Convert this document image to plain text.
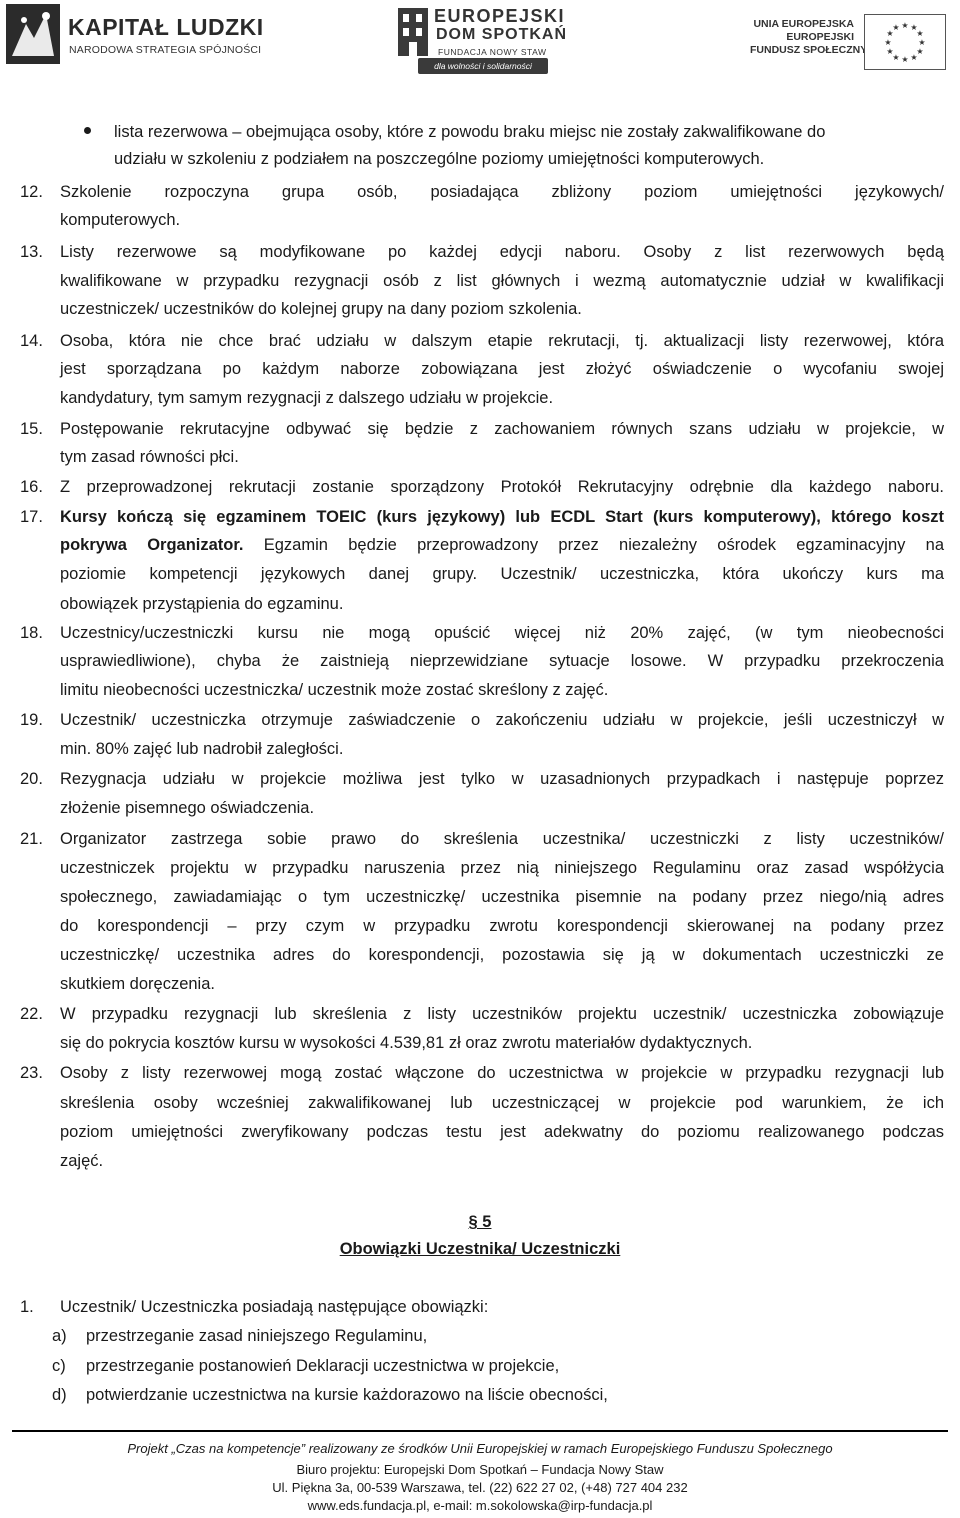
KAPITAŁ LUDZKI
NARODOWA STRATEGIA SPÓJNOŚCI
EUROPEJSKI
DOM SPOTKAŃ
FUNDACJA NOWY STAW
dla wolności i solidarności
UNIA EUROPEJSKA
EUROPEJSKI
FUNDUSZ SPOŁECZNY
★ ★
★
★
★
★
★
★
★
★
★
★
lista rezerwowa – obejmująca osoby, które z powodu braku miejsc nie zostały zakwalifikowane do
udziału w szkoleniu z podziałem na poszczególne poziomy umiejętności komputerowych.
12. Szkolenie rozpoczyna grupa osób, posiadająca zbliżony poziom umiejętności językowych/
komputerowych.
13. Listy rezerwowe są modyfikowane po każdej edycji naboru. Osoby z list rezerwowych będą
kwalifikowane w przypadku rezygnacji osób z list głównych i wezmą automatycznie udział w kwalifikacji
uczestniczek/ uczestników do kolejnej grupy na dany poziom szkolenia.
14. Osoba, która nie chce brać udziału w dalszym etapie rekrutacji, tj. aktualizacji listy rezerwowej, która
jest sporządzana po każdym naborze zobowiązana jest złożyć oświadczenie o wycofaniu swojej
kandydatury, tym samym rezygnacji z dalszego udziału w projekcie.
15. Postępowanie rekrutacyjne odbywać się będzie z zachowaniem równych szans udziału w projekcie, w
tym zasad równości płci.
16. Z przeprowadzonej rekrutacji zostanie sporządzony Protokół Rekrutacyjny odrębnie dla każdego naboru.
17. Kursy kończą się egzaminem TOEIC (kurs językowy) lub ECDL Start (kurs komputerowy), którego koszt
pokrywa Organizator. Egzamin będzie przeprowadzony przez niezależny ośrodek egzaminacyjny na
poziomie kompetencji językowych danej grupy. Uczestnik/ uczestniczka, która ukończy kurs ma
obowiązek przystąpienia do egzaminu.
18. Uczestnicy/uczestniczki kursu nie mogą opuścić więcej niż 20% zajęć, (w tym nieobecności
usprawiedliwione), chyba że zaistnieją nieprzewidziane sytuacje losowe. W przypadku przekroczenia
limitu nieobecności uczestniczka/ uczestnik może zostać skreślony z zajęć.
19. Uczestnik/ uczestniczka otrzymuje zaświadczenie o zakończeniu udziału w projekcie, jeśli uczestniczył w
min. 80% zajęć lub nadrobił zaległości.
20. Rezygnacja udziału w projekcie możliwa jest tylko w uzasadnionych przypadkach i następuje poprzez
złożenie pisemnego oświadczenia.
21. Organizator zastrzega sobie prawo do skreślenia uczestnika/ uczestniczki z listy uczestników/
uczestniczek projektu w przypadku naruszenia przez nią niniejszego Regulaminu oraz zasad współżycia
społecznego, zawiadamiając o tym uczestniczkę/ uczestnika pisemnie na podany przez niego/nią adres
do korespondencji – przy czym w przypadku zwrotu korespondencji skierowanej na podany przez
uczestniczkę/ uczestnika adres do korespondencji, pozostawia się ją w dokumentach uczestniczki ze
skutkiem doręczenia.
22. W przypadku rezygnacji lub skreślenia z listy uczestników projektu uczestnik/ uczestniczka zobowiązuje
się do pokrycia kosztów kursu w wysokości 4.539,81 zł oraz zwrotu materiałów dydaktycznych.
23. Osoby z listy rezerwowej mogą zostać włączone do uczestnictwa w projekcie w przypadku rezygnacji lub
skreślenia osoby wcześniej zakwalifikowanej lub uczestniczącej w projekcie pod warunkiem, że ich
poziom umiejętności zweryfikowany podczas testu jest adekwatny do poziomu realizowanego podczas
zajęć.
§ 5
Obowiązki Uczestnika/ Uczestniczki
1. Uczestnik/ Uczestniczka posiadają następujące obowiązki:
a) przestrzeganie zasad niniejszego Regulaminu,
c) przestrzeganie postanowień Deklaracji uczestnictwa w projekcie,
d) potwierdzanie uczestnictwa na kursie każdorazowo na liście obecności,
Projekt „Czas na kompetencje” realizowany ze środków Unii Europejskiej w ramach Europejskiego Funduszu Społecznego
Biuro projektu: Europejski Dom Spotkań – Fundacja Nowy Staw
Ul. Piękna 3a, 00-539 Warszawa, tel. (22) 622 27 02, (+48) 727 404 232
www.eds.fundacja.pl, e-mail: m.sokolowska@irp-fundacja.pl
